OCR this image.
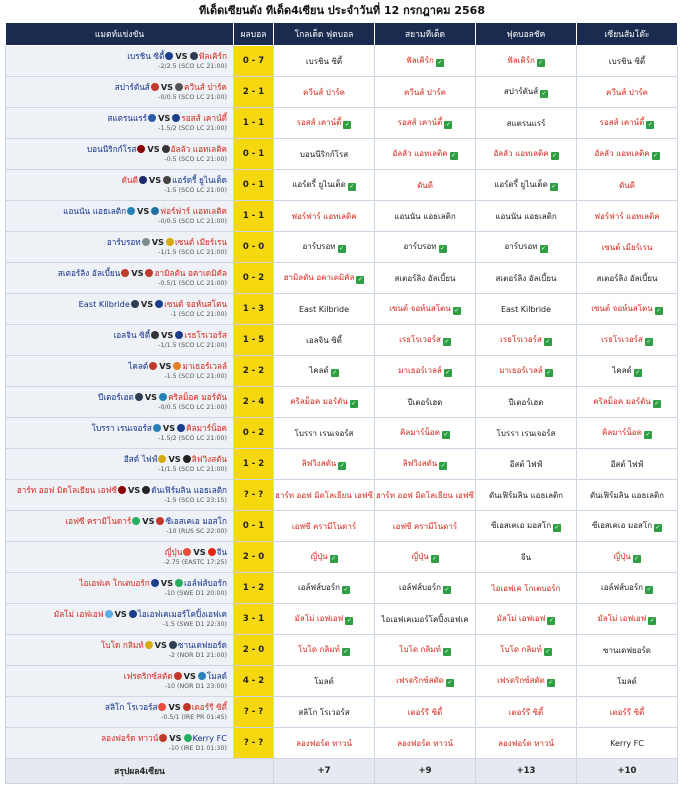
ทีเด็ดเซียนดัง ทีเด็ด4เซียน ประจำวันที่ 12 กรกฎาคม 2568
แมตท์แข่งขัน	ผลบอล	โกลเด็ด ฟุตบอล	สยามทีเด็ด	ฟุตบอลชัค	เซียนส้มโต๊ะ

เบรชิน ซิตี้ VS ฟัลเคิร์ก
-2/2.5 (SCO LC 21:00)	0 - 7	เบรชิน ซิตี้	ฟัลเคิร์ก ✓	ฟัลเคิร์ก ✓	เบรชิน ซิตี้

สปาร์ตันส์ VS ควีนส์ ปาร์ค
-0/0.5 (SCO LC 21:00)	2 - 1	ควีนส์ ปาร์ค	ควีนส์ ปาร์ค	สปาร์ตันส์ ✓	ควีนส์ ปาร์ค

สแตรนแรร์ VS รอสส์ เคาน์ตี้
-1.5/2 (SCO LC 21:00)	1 - 1	รอสส์ เคาน์ตี้ ✓	รอสส์ เคาน์ตี้ ✓	สแตรนแรร์	รอสส์ เคาน์ตี้ ✓

บอนนีริกก์โรส VS อัลลัว แอทเลติค
-0.5 (SCO LC 21:00)	0 - 1	บอนนีริกก์โรส	อัลลัว แอทเลติค ✓	อัลลัว แอทเลติค ✓	อัลลัว แอทเลติค ✓

ดันดี VS แอร์ดรี้ ยูไนเต็ด
-1.5 (SCO LC 21:00)	0 - 1	แอร์ดรี้ ยูไนเต็ด ✓	ดันดี	แอร์ดรี้ ยูไนเต็ด ✓	ดันดี

แอนนัน แอธเลติก VS ฟอร์ฟาร์ แอทเลติค
-0/0.5 (SCO LC 21:00)	1 - 1	ฟอร์ฟาร์ แอทเลติค	แอนนัน แอธเลติก	แอนนัน แอธเลติก	ฟอร์ฟาร์ แอทเลติค

อาร์บรอท VS เซนต์ เมียร์เรน
-1/1.5 (SCO LC 21:00)	0 - 0	อาร์บรอท ✓	อาร์บรอท ✓	อาร์บรอท ✓	เซนต์ เมียร์เรน

สเตอร์ลิง อัลเบี้ยน VS ฮามิลตัน อคาเดมิคัล
-0.5/1 (SCO LC 21:00)	0 - 2	ฮามิลตัน อคาเดมิคัล ✓	สเตอร์ลิง อัลเบี้ยน	สเตอร์ลิง อัลเบี้ยน	สเตอร์ลิง อัลเบี้ยน

East Kilbride VS เซนต์ จอห์นสโตน
-1 (SCO LC 21:00)	1 - 3	East Kilbride	เซนต์ จอห์นสโตน ✓	East Kilbride	เซนต์ จอห์นสโตน ✓

เอลจิน ซิตี้ VS เรธโรเวอร์ส
-1/1.5 (SCO LC 21:00)	1 - 5	เอลจิน ซิตี้	เรธโรเวอร์ส ✓	เรธโรเวอร์ส ✓	เรธโรเวอร์ส ✓

ไคลด์ VS มาเธอร์เวลล์
-1.5 (SCO LC 21:00)	2 - 2	ไคลด์ ✓	มาเธอร์เวลล์ ✓	มาเธอร์เวลล์ ✓	ไคลด์ ✓

ปีเตอร์เฮด VS คริลม็อค มอร์ตัน
-0/0.5 (SCO LC 21:00)	2 - 4	คริลม็อค มอร์ตัน ✓	ปีเตอร์เฮด	ปีเตอร์เฮด	คริลม็อค มอร์ตัน ✓

โบรรา เรนเจอร์ส VS คิลมาร์น็อค
-1.5/2 (SCO LC 21:00)	0 - 2	โบรรา เรนเจอร์ส	คิลมาร์น็อค ✓	โบรรา เรนเจอร์ส	คิลมาร์น็อค ✓

อีสต์ ไฟฟ์ VS ลิฟวิงสตัน
-1/1.5 (SCO LC 21:00)	1 - 2	ลิฟวิงสตัน ✓	ลิฟวิงสตัน ✓	อีสต์ ไฟฟ์	อีสต์ ไฟฟ์

ฮาร์ท ออฟ มิดโลเธียน เอฟซี VS ดันเฟิร์มลิน แอธเลติก
-1.5 (SCO LC 23:15)	? - ?	ฮาร์ท ออฟ มิดโลเธียน เอฟซี	ฮาร์ท ออฟ มิดโลเธียน เอฟซี	ดันเฟิร์มลิน แอธเลติก	ดันเฟิร์มลิน แอธเลติก

เอฟซี ครามีโนดาร์ VS ซีเอสเคเอ มอสโก
-10 (RUS SC 22:00)	0 - 1	เอฟซี ครามีโนดาร์	เอฟซี ครามีโนดาร์	ซีเอสเคเอ มอสโก ✓	ซีเอสเคเอ มอสโก ✓

ญี่ปุ่น VS จีน
-2.75 (EASTC 17:25)	2 - 0	ญี่ปุ่น ✓	ญี่ปุ่น ✓	จีน	ญี่ปุ่น ✓

ไอเอฟเค โกเตบอร์ก VS เอล์ฟส์บอร์ก
-10 (SWE D1 20:00)	1 - 2	เอล์ฟส์บอร์ก ✓	เอล์ฟส์บอร์ก ✓	ไอเอฟเค โกเตบอร์ก	เอล์ฟส์บอร์ก ✓

มัลโม่ เอฟเอฟ VS ไอเอฟเคเมอร์โคปิ้งเอฟเค
-1.5 (SWE D1 22:30)	3 - 1	มัลโม่ เอฟเอฟ ✓	ไอเอฟเคเมอร์โคปิ้งเอฟเค	มัลโม่ เอฟเอฟ ✓	มัลโม่ เอฟเอฟ ✓

โบโด กลิมท์ VS ซานเดฟยอร์ด
-2 (NOR D1 21:00)	2 - 0	โบโด กลิมท์ ✓	โบโด กลิมท์ ✓	โบโด กลิมท์ ✓	ซานเดฟยอร์ด

เฟรดริกซ์สตัด VS โมลด์
-10 (NOR D1 23:00)	4 - 2	โมลด์	เฟรดริกซ์สตัด ✓	เฟรดริกซ์สตัด ✓	โมลด์

สลิโก โรเวอร์ส VS เดอร์รี ซิตี้
-0.5/1 (IRE PR 01:45)	? - ?	สลิโก โรเวอร์ส	เดอร์รี ซิตี้	เดอร์รี ซิตี้	เดอร์รี ซิตี้

ลองฟอร์ด ทาวน์ VS Kerry FC
-10 (IRE D1 01:30)	? - ?	ลองฟอร์ด ทาวน์	ลองฟอร์ด ทาวน์	ลองฟอร์ด ทาวน์	Kerry FC
สรุปผล4เซียน		+7	+9	+13	+10
